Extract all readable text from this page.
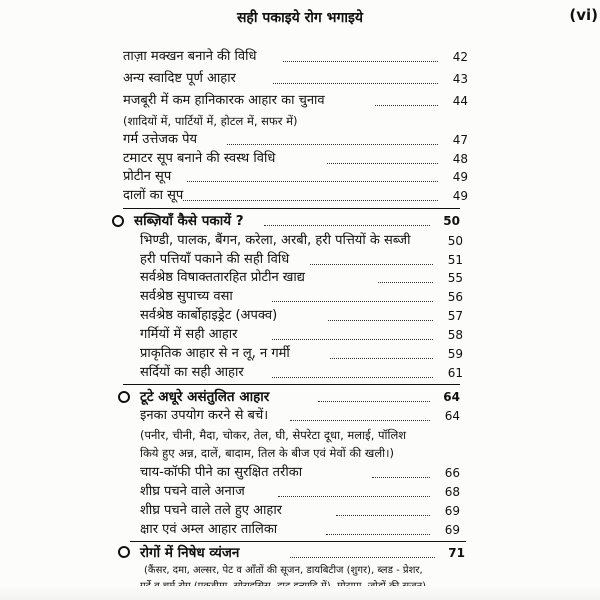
सही पकाइये रोग भगाइये	(vi)
ताज़ा मक्खन बनाने की विधि	42
अन्य स्वादिष्ट पूर्ण आहार	43
मजबूरी में कम हानिकारक आहार का चुनाव	44
(शादियों में, पार्टियों में, होटल में, सफर में)
गर्म उत्तेजक पेय	47
टमाटर सूप बनाने की स्वस्थ विधि	48
प्रोटीन सूप	49
दालों का सूप	49
सब्ज़ियाँ कैसे पकायें ?	50
भिण्डी, पालक, बैंगन, करेला, अरबी, हरी पत्तियों के सब्जी	50
हरी पत्तियाँ पकाने की सही विधि	51
सर्वश्रेष्ठ विषाक्ततारहित प्रोटीन खाद्य	55
सर्वश्रेष्ठ सुपाच्य वसा	56
सर्वश्रेष्ठ कार्बोहाइड्रेट (अपक्व)	57
गर्मियों में सही आहार	58
प्राकृतिक आहार से न लू, न गर्मी	59
सर्दियों का सही आहार	61
टूटे अधूरे असंतुलित आहार	64
इनका उपयोग करने से बचें।	64
(पनीर, चीनी, मैदा, चोकर, तेल, घी, सेपरेटा दूधा, मलाई, पॉलिश
किये हुए अन्न, दालें, बादाम, तिल के बीज एवं मेवों की खली।)
चाय-कॉफी पीने का सुरक्षित तरीका	66
शीघ्र पचने वाले अनाज	68
शीघ्र पचने वाले तले हुए आहार	69
क्षार एवं अम्ल आहार तालिका	69
रोगों में निषेध व्यंजन	71
(कैंसर, दमा, अल्सर, पेट व आँतों की सूजन, डायबिटीज (शुगर), ब्लड - प्रेशर,
